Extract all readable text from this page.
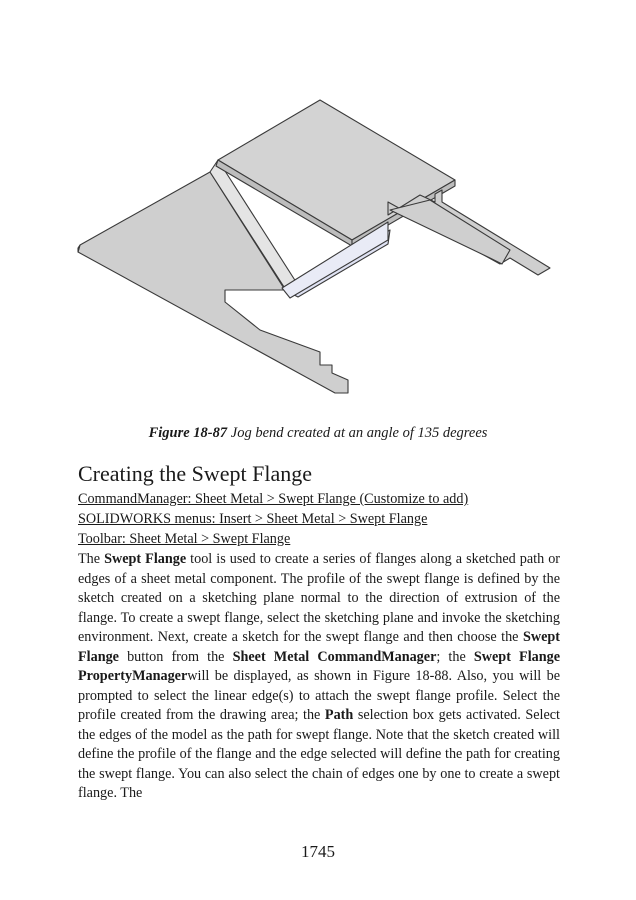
Figure 18-87 Jog bend created at an angle of 135 degrees
Creating the Swept Flange
CommandManager: Sheet Metal > Swept Flange (Customize to add)
SOLIDWORKS menus: Insert > Sheet Metal > Swept Flange
Toolbar: Sheet Metal > Swept Flange

The Swept Flange tool is used to create a series of flanges along a sketched path or edges of a sheet metal component. The profile of the swept flange is defined by the sketch created on a sketching plane normal to the direction of extrusion of the flange. To create a swept flange, select the sketching plane and invoke the sketching environment. Next, create a sketch for the swept flange and then choose the Swept Flange button from the Sheet Metal CommandManager; the Swept Flange PropertyManagerwill be displayed, as shown in Figure 18-88. Also, you will be prompted to select the linear edge(s) to attach the swept flange profile. Select the profile created from the drawing area; the Path selection box gets activated. Select the edges of the model as the path for swept flange. Note that the sketch created will define the profile of the flange and the edge selected will define the path for creating the swept flange. You can also select the chain of edges one by one to create a swept flange. The

1745
